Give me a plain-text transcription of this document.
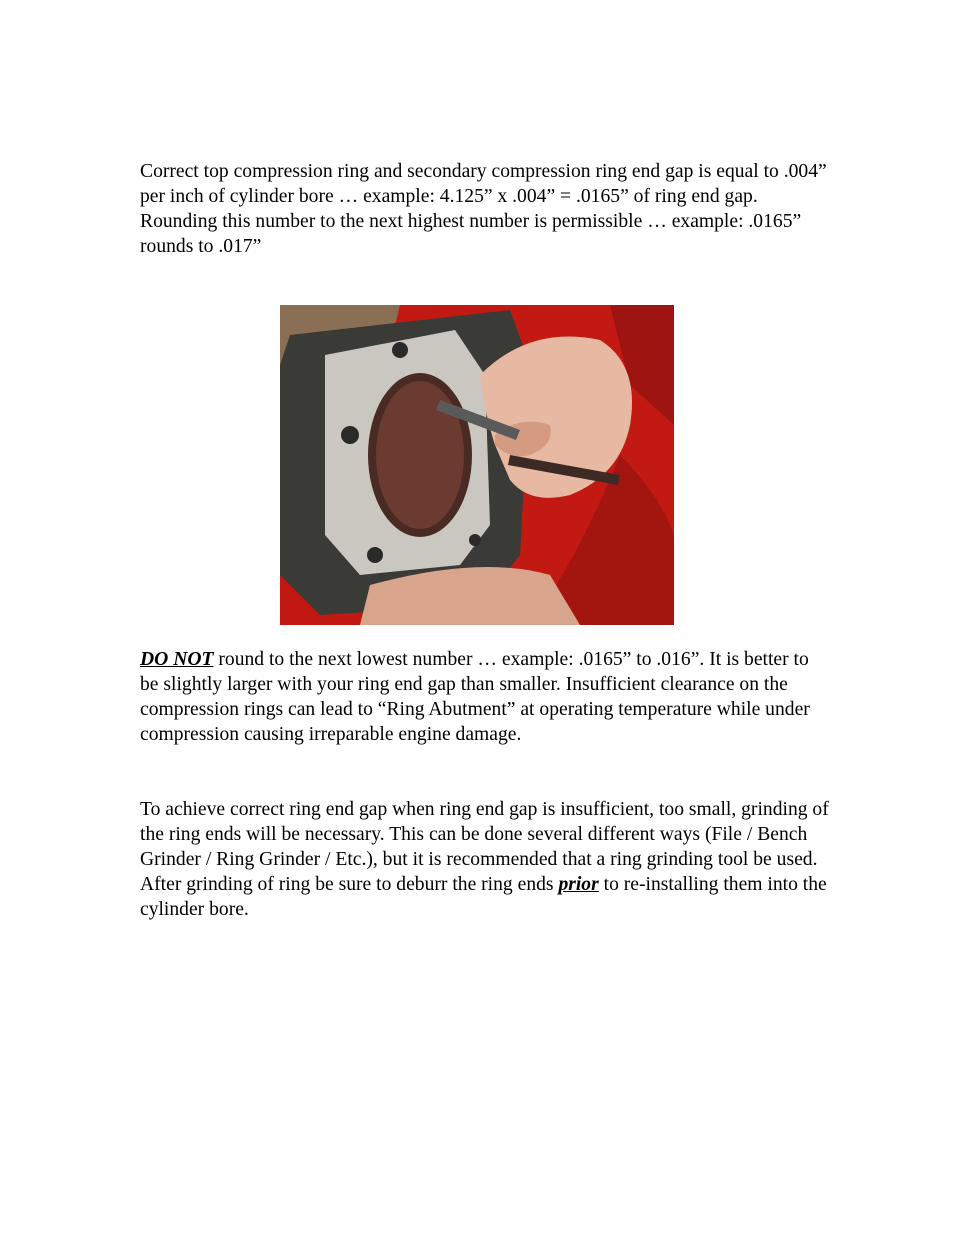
Correct top compression ring and secondary compression ring end gap is equal to .004” per inch of cylinder bore … example: 4.125” x .004” = .0165” of ring end gap. Rounding this number to the next highest number is permissible … example: .0165” rounds to .017”

DO NOT round to the next lowest number … example: .0165” to .016”. It is better to be slightly larger with your ring end gap than smaller. Insufficient clearance on the compression rings can lead to “Ring Abutment” at operating temperature while under compression causing irreparable engine damage.

To achieve correct ring end gap when ring end gap is insufficient, too small, grinding of the ring ends will be necessary. This can be done several different ways (File / Bench Grinder / Ring Grinder / Etc.), but it is recommended that a ring grinding tool be used. After grinding of ring be sure to deburr the ring ends prior to re-installing them into the cylinder bore.
